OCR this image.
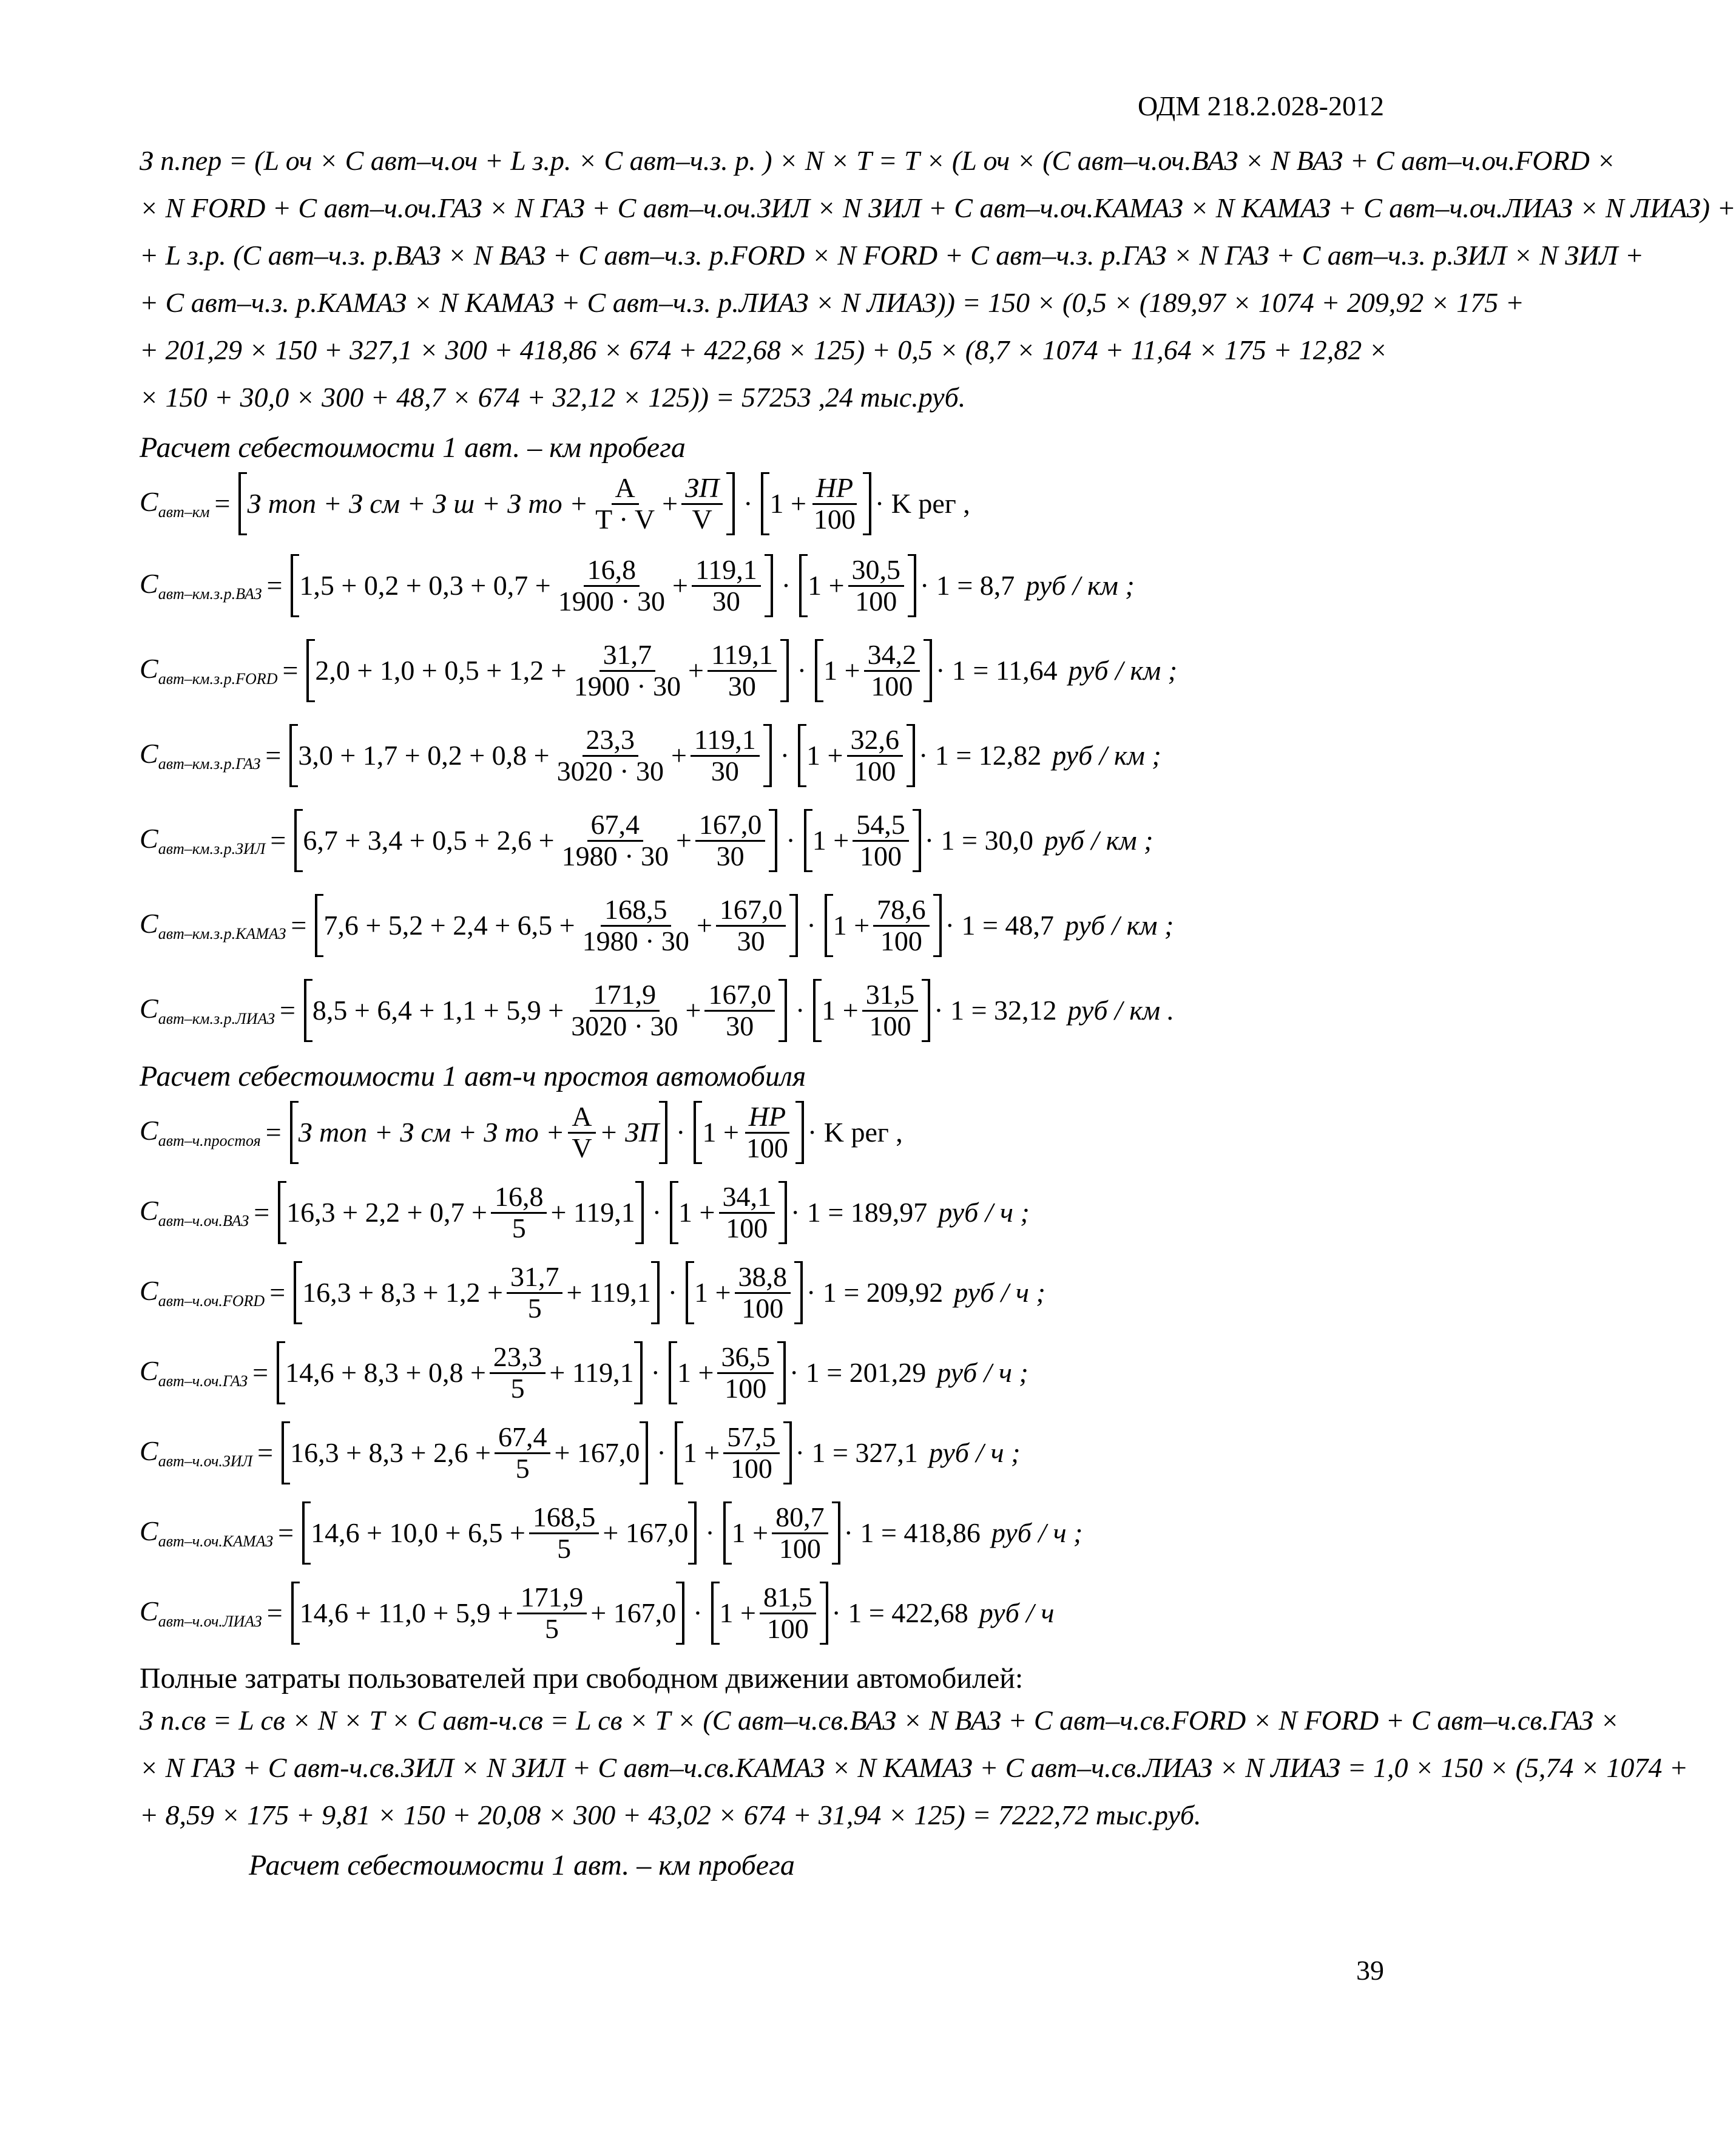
ОДМ 218.2.028-2012
З п.пер = (L оч × C авт–ч.оч + L з.р. × C авт–ч.з. р. ) × N × T = T × (L оч × (C авт–ч.оч.ВАЗ × N ВАЗ + C авт–ч.оч.FORD ×
× N FORD + C авт–ч.оч.ГАЗ × N ГАЗ + C авт–ч.оч.ЗИЛ × N ЗИЛ + C авт–ч.оч.КАМАЗ × N КАМАЗ + C авт–ч.оч.ЛИАЗ × N ЛИАЗ) +
+ L з.р. (C авт–ч.з. р.ВАЗ × N ВАЗ + C авт–ч.з. р.FORD × N FORD + C авт–ч.з. р.ГАЗ × N ГАЗ + C авт–ч.з. р.ЗИЛ × N ЗИЛ +
+ C авт–ч.з. р.КАМАЗ × N КАМАЗ + C авт–ч.з. р.ЛИАЗ × N ЛИАЗ)) = 150 × (0,5 × (189,97 × 1074 + 209,92 × 175 +
+ 201,29 × 150 + 327,1 × 300 + 418,86 × 674 + 422,68 × 125) + 0,5 × (8,7 × 1074 + 11,64 × 175 + 12,82 ×
× 150 + 30,0 × 300 + 48,7 × 674 + 32,12 × 125)) = 57253 ,24 тыс.руб.
Расчет себестоимости 1 авт. – км пробега
$C_{авт-км} = З$ топ + З см + З ш + З то + $\frac{A}{T \cdot V} + \frac{ЗП}{V} \cdot 1 + \frac{НР}{100} \cdot K$ рег ,
$C_{авт-км.з.р.ВАЗ} = 1,5 + 0,2 + 0,3 + 0,7 + \frac{16,8}{1900 \cdot 30} + \frac{119,1}{30} \cdot 1 + \frac{30,5}{100} \cdot 1 = 8,7$ руб / км ;
$C_{авт-км.з.р.FORD} = 2,0 + 1,0 + 0,5 + 1,2 + \frac{31,7}{1900 \cdot 30} + \frac{119,1}{30} \cdot 1 + \frac{34,2}{100} \cdot 1 = 11,64$ руб / км ;
$C_{авт-км.з.р.ГАЗ} = 3,0 + 1,7 + 0,2 + 0,8 + \frac{23,3}{3020 \cdot 30} + \frac{119,1}{30} \cdot 1 + \frac{32,6}{100} \cdot 1 = 12,82$ руб / км ;
$C_{авт-км.з.р.ЗИЛ} = 6,7 + 3,4 + 0,5 + 2,6 + \frac{67,4}{1980 \cdot 30} + \frac{167,0}{30} \cdot 1 + \frac{54,5}{100} \cdot 1 = 30,0$ руб / км ;
$C_{авт-км.з.р.КАМАЗ} = 7,6 + 5,2 + 2,4 + 6,5 + \frac{168,5}{1980 \cdot 30} + \frac{167,0}{30} \cdot 1 + \frac{78,6}{100} \cdot 1 = 48,7$ руб / км ;
$C_{авт-км.з.р.ЛИАЗ} = 8,5 + 6,4 + 1,1 + 5,9 + \frac{171,9}{3020 \cdot 30} + \frac{167,0}{30} \cdot 1 + \frac{31,5}{100} \cdot 1 = 32,12$ руб / км .
Расчет себестоимости 1 авт-ч простоя автомобиля
$C_{авт-ч.простоя} = З$ топ + З см + З то + $\frac{A}{V}$ + ЗП · $1 + \frac{НР}{100} \cdot K$ рег ,
$C_{авт-ч.оч.ВАЗ} = 16,3 + 2,2 + 0,7 + \frac{16,8}{5} + 119,1 \cdot 1 + \frac{34,1}{100} \cdot 1 = 189,97$ руб / ч ;
$C_{авт-ч.оч.FORD} = 16,3 + 8,3 + 1,2 + \frac{31,7}{5} + 119,1 \cdot 1 + \frac{38,8}{100} \cdot 1 = 209,92$ руб / ч ;
$C_{авт-ч.оч.ГАЗ} = 14,6 + 8,3 + 0,8 + \frac{23,3}{5} + 119,1 \cdot 1 + \frac{36,5}{100} \cdot 1 = 201,29$ руб / ч ;
$C_{авт-ч.оч.ЗИЛ} = 16,3 + 8,3 + 2,6 + \frac{67,4}{5} + 167,0 \cdot 1 + \frac{57,5}{100} \cdot 1 = 327,1$ руб / ч ;
$C_{авт-ч.оч.КАМАЗ} = 14,6 + 10,0 + 6,5 + \frac{168,5}{5} + 167,0 \cdot 1 + \frac{80,7}{100} \cdot 1 = 418,86$ руб / ч ;
$C_{авт-ч.оч.ЛИАЗ} = 14,6 + 11,0 + 5,9 + \frac{171,9}{5} + 167,0 \cdot 1 + \frac{81,5}{100} \cdot 1 = 422,68$ руб / ч
Полные затраты пользователей при свободном движении автомобилей:
З п.св = L св × N × T × C авт-ч.св = L св × T × (C авт–ч.св.ВАЗ × N ВАЗ + C авт–ч.св.FORD × N FORD + C авт–ч.св.ГАЗ ×
× N ГАЗ + C авт-ч.св.ЗИЛ × N ЗИЛ + C авт–ч.св.КАМАЗ × N КАМАЗ + C авт–ч.св.ЛИАЗ × N ЛИАЗ = 1,0 × 150 × (5,74 × 1074 +
+ 8,59 × 175 + 9,81 × 150 + 20,08 × 300 + 43,02 × 674 + 31,94 × 125) = 7222,72 тыс.руб.
Расчет себестоимости 1 авт. – км пробега
39
